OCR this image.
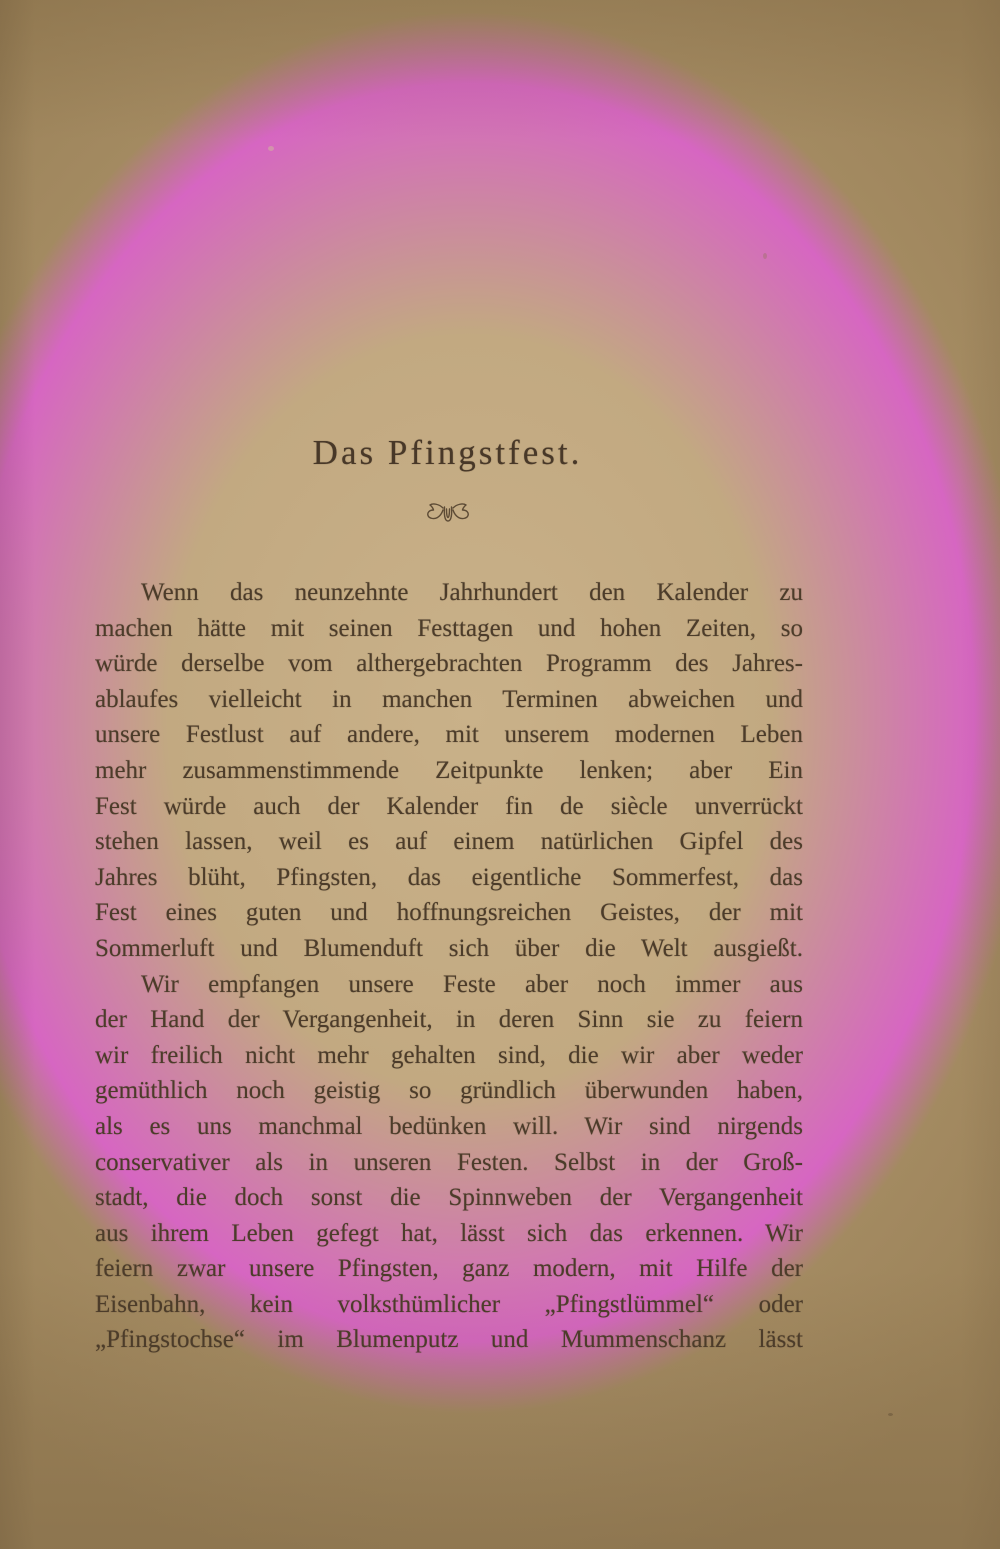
Das Pfingstfest.
Wenn das neunzehnte Jahrhundert den Kalender zu
machen hätte mit seinen Festtagen und hohen Zeiten, so
würde derselbe vom althergebrachten Programm des Jahres-
ablaufes vielleicht in manchen Terminen abweichen und
unsere Festlust auf andere, mit unserem modernen Leben
mehr zusammenstimmende Zeitpunkte lenken; aber Ein
Fest würde auch der Kalender fin de siècle unverrückt
stehen lassen, weil es auf einem natürlichen Gipfel des
Jahres blüht, Pfingsten, das eigentliche Sommerfest, das
Fest eines guten und hoffnungsreichen Geistes, der mit
Sommerluft und Blumenduft sich über die Welt ausgießt.
Wir empfangen unsere Feste aber noch immer aus
der Hand der Vergangenheit, in deren Sinn sie zu feiern
wir freilich nicht mehr gehalten sind, die wir aber weder
gemüthlich noch geistig so gründlich überwunden haben,
als es uns manchmal bedünken will. Wir sind nirgends
conservativer als in unseren Festen. Selbst in der Groß-
stadt, die doch sonst die Spinnweben der Vergangenheit
aus ihrem Leben gefegt hat, lässt sich das erkennen. Wir
feiern zwar unsere Pfingsten, ganz modern, mit Hilfe der
Eisenbahn, kein volksthümlicher „Pfingstlümmel“ oder
„Pfingstochse“ im Blumenputz und Mummenschanz lässt
